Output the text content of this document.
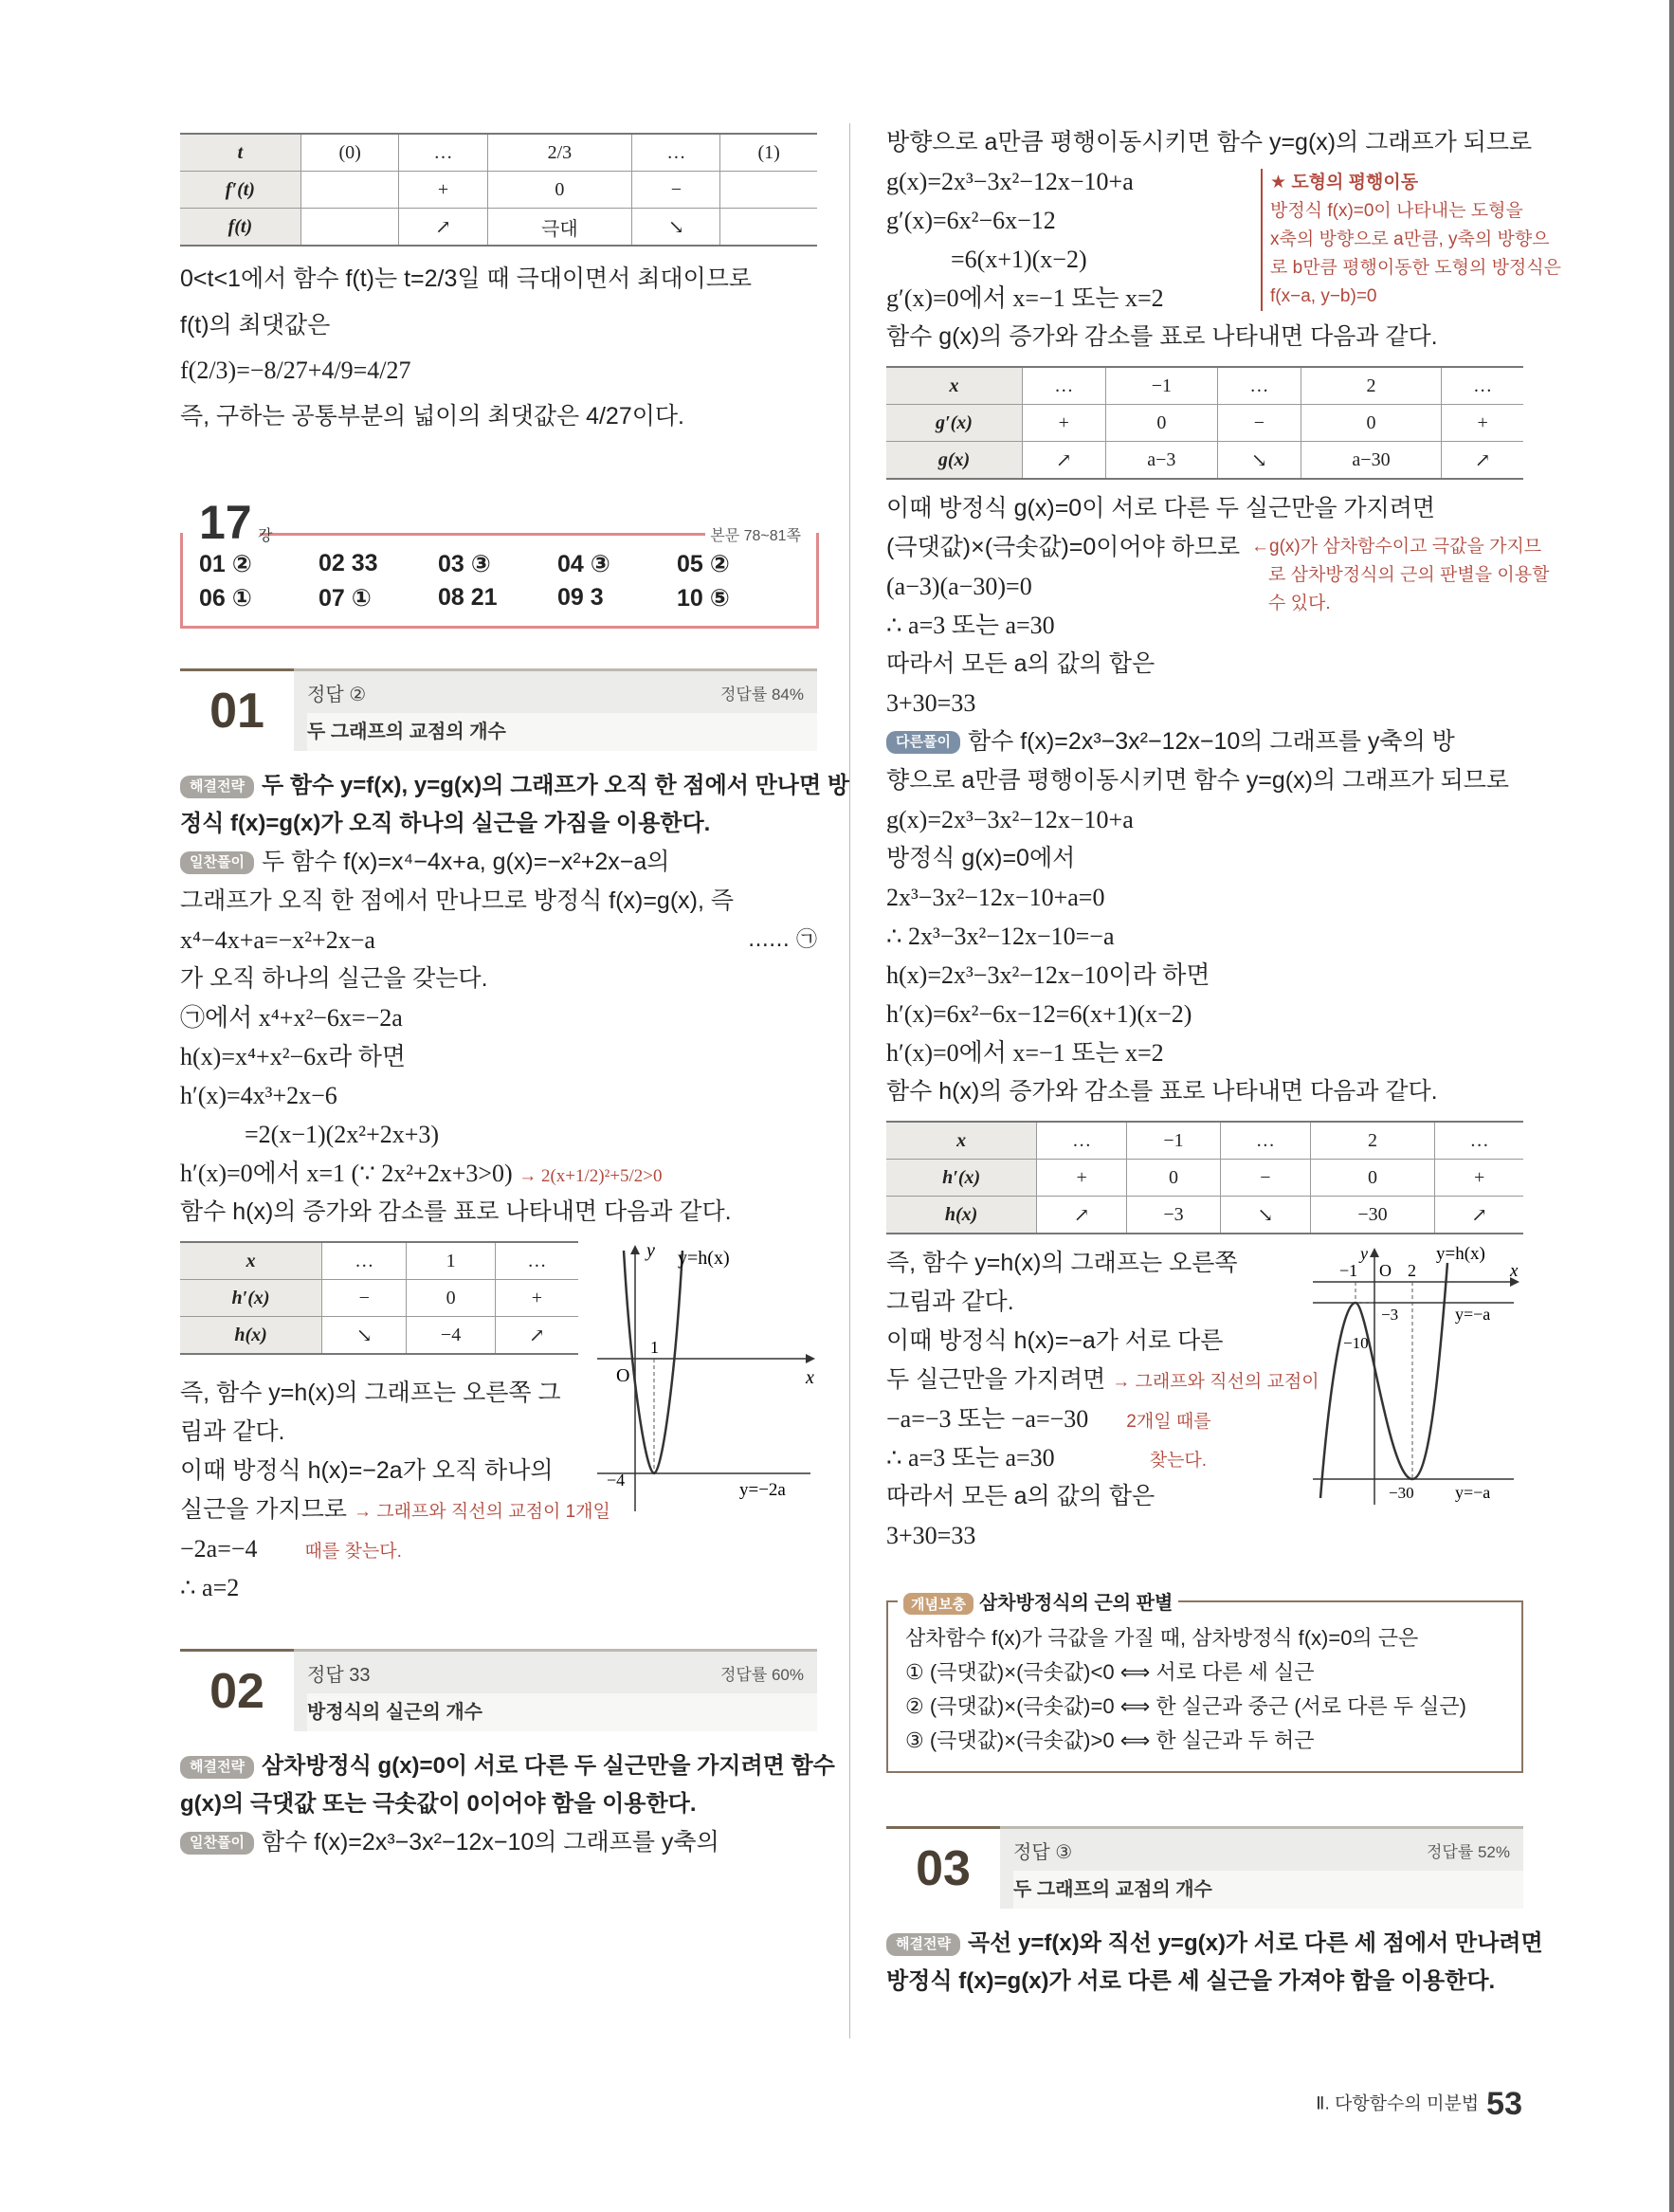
t	(0)	…	2/3	…	(1)
f′(t)		+	0	−	
f(t)		↗	극대	↘	

0<t<1에서 함수 f(t)는 t=2/3일 때 극대이면서 최대이므로

f(t)의 최댓값은

f(2/3)=−8/27+4/9=4/27

즉, 구하는 공통부분의 넓이의 최댓값은 4/27이다.

17 강	본문 78~81쪽
01 ②	02 33	03 ③	04 ③	05 ②
06 ①	07 ①	08 21	09 3	10 ⑤
01	정답 ②	정답률 84%
두 그래프의 교점의 개수

해결전략 두 함수 y=f(x), y=g(x)의 그래프가 오직 한 점에서 만나면 방

정식 f(x)=g(x)가 오직 하나의 실근을 가짐을 이용한다.

일찬풀이 두 함수 f(x)=x⁴−4x+a, g(x)=−x²+2x−a의

그래프가 오직 한 점에서 만나므로 방정식 f(x)=g(x), 즉

x⁴−4x+a=−x²+2x−a	…… ㉠

가 오직 하나의 실근을 갖는다.

㉠에서 x⁴+x²−6x=−2a

h(x)=x⁴+x²−6x라 하면

h′(x)=4x³+2x−6

=2(x−1)(2x²+2x+3)

h′(x)=0에서 x=1 (∵ 2x²+2x+3>0) → 2(x+1/2)²+5/2>0

함수 h(x)의 증가와 감소를 표로 나타내면 다음과 같다.

x	…	1	…
h′(x)	−	0	+
h(x)	↘	−4	↗

즉, 함수 y=h(x)의 그래프는 오른쪽 그

림과 같다.

이때 방정식 h(x)=−2a가 오직 하나의

실근을 가지므로 → 그래프와 직선의 교점이 1개일

−2a=−4	때를 찾는다.

∴ a=2

y y=h(x)
x
O
1
−4	y=−2a
02	정답 33	정답률 60%
방정식의 실근의 개수

해결전략 삼차방정식 g(x)=0이 서로 다른 두 실근만을 가지려면 함수

g(x)의 극댓값 또는 극솟값이 0이어야 함을 이용한다.

일찬풀이 함수 f(x)=2x³−3x²−12x−10의 그래프를 y축의

방향으로 a만큼 평행이동시키면 함수 y=g(x)의 그래프가 되므로

g(x)=2x³−3x²−12x−10+a

g′(x)=6x²−6x−12

=6(x+1)(x−2)

g′(x)=0에서 x=−1 또는 x=2

함수 g(x)의 증가와 감소를 표로 나타내면 다음과 같다.

★ 도형의 평행이동
방정식 f(x)=0이 나타내는 도형을
x축의 방향으로 a만큼, y축의 방향으
로 b만큼 평행이동한 도형의 방정식은
f(x−a, y−b)=0
x	…	−1	…	2	…
g′(x)	+	0	−	0	+
g(x)	↗	a−3	↘	a−30	↗

이때 방정식 g(x)=0이 서로 다른 두 실근만을 가지려면

(극댓값)×(극솟값)=0이어야 하므로

(a−3)(a−30)=0

∴ a=3 또는 a=30

따라서 모든 a의 값의 합은

3+30=33

←g(x)가 삼차함수이고 극값을 가지므
로 삼차방정식의 근의 판별을 이용할
수 있다.

다른풀이 함수 f(x)=2x³−3x²−12x−10의 그래프를 y축의 방

향으로 a만큼 평행이동시키면 함수 y=g(x)의 그래프가 되므로

g(x)=2x³−3x²−12x−10+a

방정식 g(x)=0에서

2x³−3x²−12x−10+a=0

∴ 2x³−3x²−12x−10=−a

h(x)=2x³−3x²−12x−10이라 하면

h′(x)=6x²−6x−12=6(x+1)(x−2)

h′(x)=0에서 x=−1 또는 x=2

함수 h(x)의 증가와 감소를 표로 나타내면 다음과 같다.

x	…	−1	…	2	…
h′(x)	+	0	−	0	+
h(x)	↗	−3	↘	−30	↗

즉, 함수 y=h(x)의 그래프는 오른쪽

그림과 같다.

이때 방정식 h(x)=−a가 서로 다른

두 실근만을 가지려면 → 그래프와 직선의 교점이

−a=−3 또는 −a=−30 2개일 때를

∴ a=3 또는 a=30	찾는다.

따라서 모든 a의 값의 합은

3+30=33

y	y=h(x)
x
−1 O 2
−3	y=−a
−10
−30 y=−a
개념보충 삼차방정식의 근의 판별

삼차함수 f(x)가 극값을 가질 때, 삼차방정식 f(x)=0의 근은

① (극댓값)×(극솟값)<0 ⟺ 서로 다른 세 실근

② (극댓값)×(극솟값)=0 ⟺ 한 실근과 중근 (서로 다른 두 실근)

③ (극댓값)×(극솟값)>0 ⟺ 한 실근과 두 허근

03	정답 ③	정답률 52%
두 그래프의 교점의 개수

해결전략 곡선 y=f(x)와 직선 y=g(x)가 서로 다른 세 점에서 만나려면

방정식 f(x)=g(x)가 서로 다른 세 실근을 가져야 함을 이용한다.

Ⅱ. 다항함수의 미분법 53
